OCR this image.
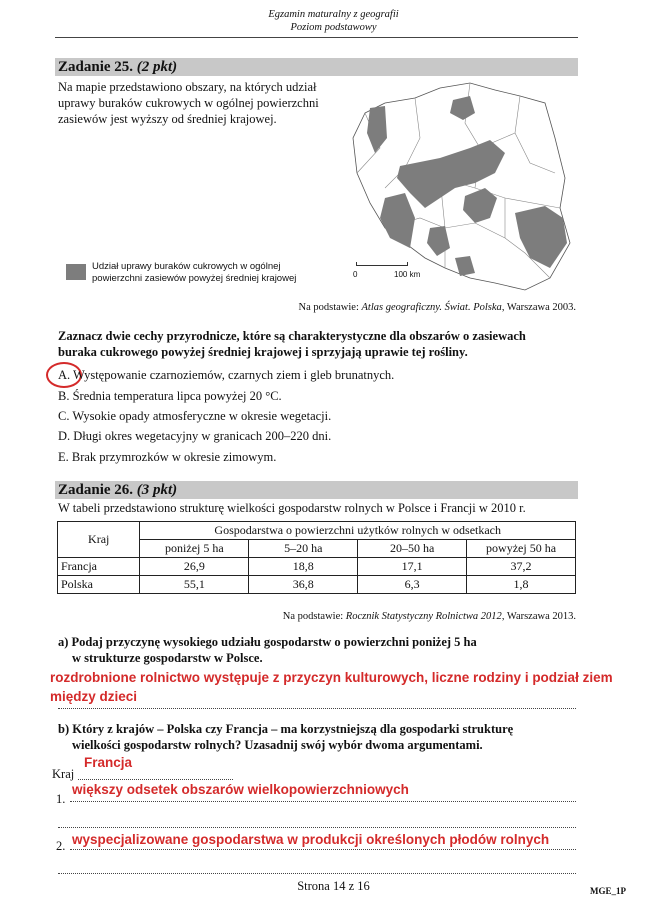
Egzamin maturalny z geografii
Poziom podstawowy
Zadanie 25. (2 pkt)
Na mapie przedstawiono obszary, na których udział
uprawy buraków cukrowych w ogólnej powierzchni
zasiewów jest wyższy od średniej krajowej.
Udział uprawy buraków cukrowych w ogólnej
powierzchni zasiewów powyżej średniej krajowej	0	100 km
Na podstawie: Atlas geograficzny. Świat. Polska, Warszawa 2003.
Zaznacz dwie cechy przyrodnicze, które są charakterystyczne dla obszarów o zasiewach
buraka cukrowego powyżej średniej krajowej i sprzyjają uprawie tej rośliny.
A. Występowanie czarnoziemów, czarnych ziem i gleb brunatnych.
B. Średnia temperatura lipca powyżej 20 °C.
C. Wysokie opady atmosferyczne w okresie wegetacji.
D. Długi okres wegetacyjny w granicach 200–220 dni.
E. Brak przymrozków w okresie zimowym.
Zadanie 26. (3 pkt)
W tabeli przedstawiono strukturę wielkości gospodarstw rolnych w Polsce i Francji w 2010 r.
Kraj	Gospodarstwa o powierzchni użytków rolnych w odsetkach			
	poniżej 5 ha	5–20 ha	20–50 ha	powyżej 50 ha
Francja	26,9	18,8	17,1	37,2
Polska	55,1	36,8	6,3	1,8
Na podstawie: Rocznik Statystyczny Rolnictwa 2012, Warszawa 2013.
a) Podaj przyczynę wysokiego udziału gospodarstw o powierzchni poniżej 5 ha
w strukturze gospodarstw w Polsce.
rozdrobnione rolnictwo występuje z przyczyn kulturowych, liczne rodziny i podział ziem
między dzieci
b) Który z krajów – Polska czy Francja – ma korzystniejszą dla gospodarki strukturę
wielkości gospodarstw rolnych? Uzasadnij swój wybór dwoma argumentami.
Kraj
Francja
1.
większy odsetek obszarów wielkopowierzchniowych
2. wyspecjalizowane gospodarstwa w produkcji określonych płodów rolnych
Strona 14 z 16	MGE_1P
